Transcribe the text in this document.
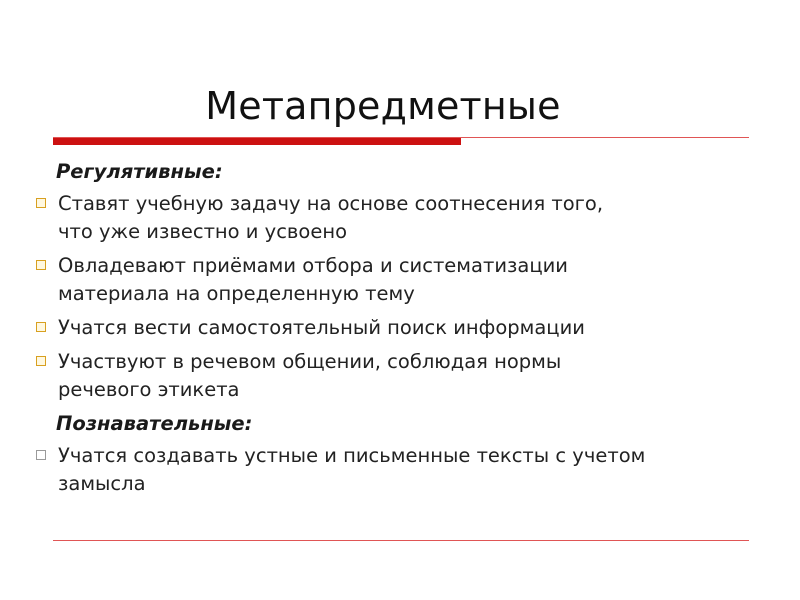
Метапредметные
Регулятивные:
Ставят учебную задачу на основе соотнесения того,
что уже известно и усвоено
Овладевают приёмами отбора и систематизации
материала на определенную тему
Учатся вести самостоятельный поиск информации
Участвуют в речевом общении, соблюдая нормы
речевого этикета
Познавательные:
Учатся создавать устные и письменные тексты с учетом
замысла
